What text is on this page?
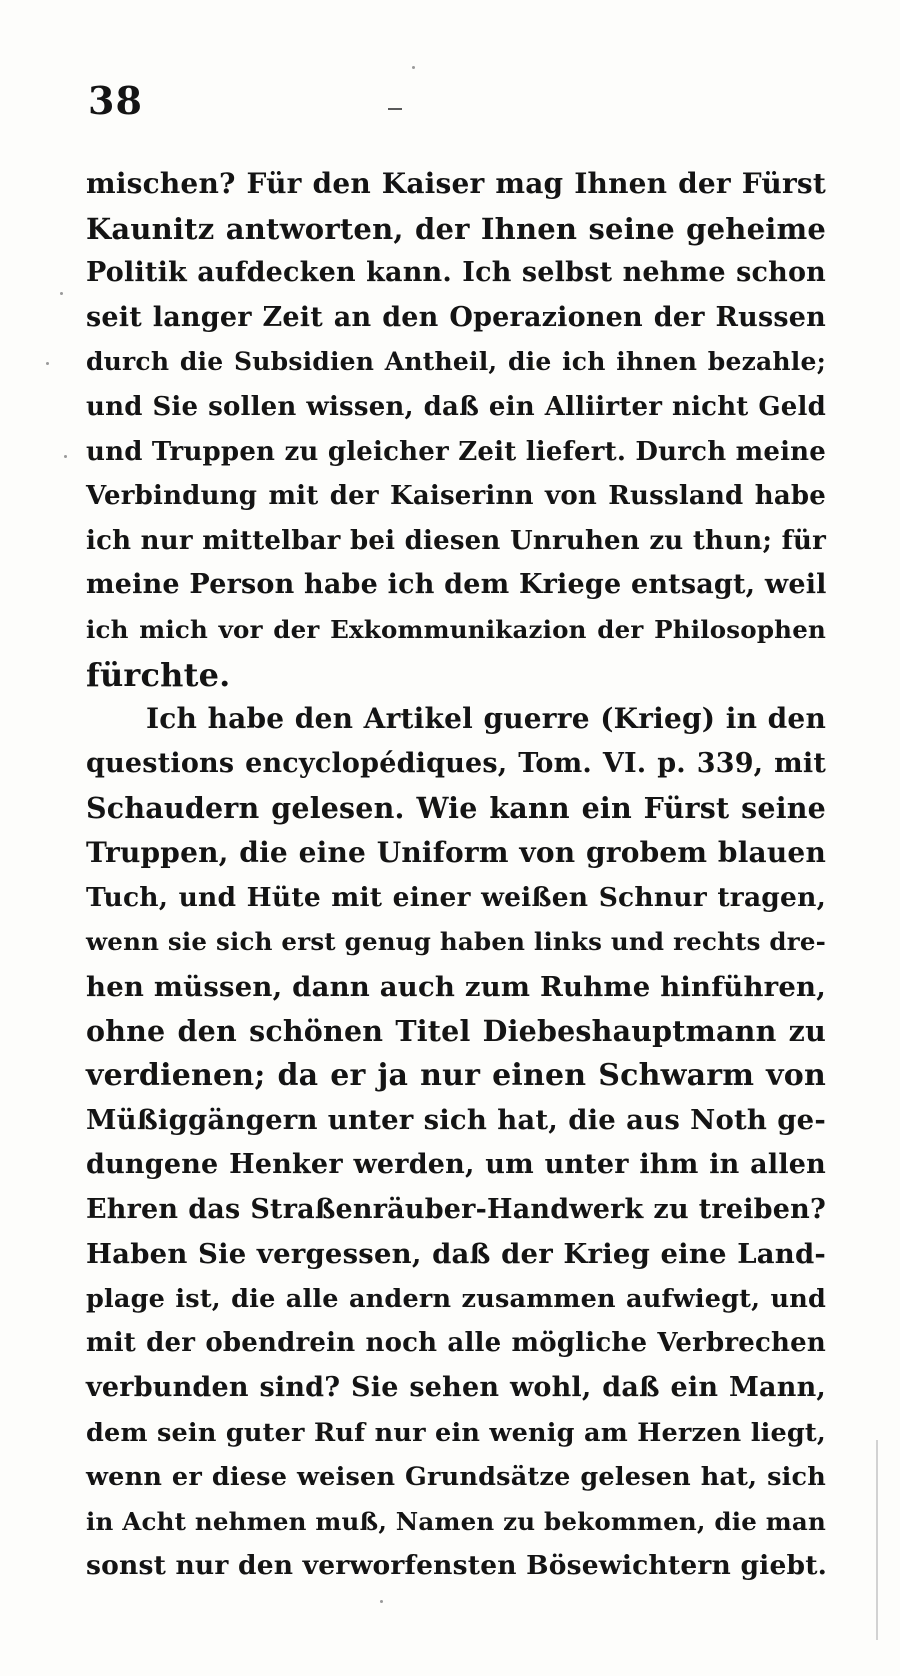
38
mischen? Für den Kaiser mag Ihnen der Fürst
Kaunitz antworten, der Ihnen seine geheime
Politik aufdecken kann. Ich selbst nehme schon
seit langer Zeit an den Operazionen der Russen
durch die Subsidien Antheil, die ich ihnen bezahle;
und Sie sollen wissen, daß ein Alliirter nicht Geld
und Truppen zu gleicher Zeit liefert. Durch meine
Verbindung mit der Kaiserinn von Russland habe
ich nur mittelbar bei diesen Unruhen zu thun; für
meine Person habe ich dem Kriege entsagt, weil
ich mich vor der Exkommunikazion der Philosophen
fürchte.
Ich habe den Artikel guerre (Krieg) in den
questions encyclopédiques, Tom. VI. p. 339, mit
Schaudern gelesen. Wie kann ein Fürst seine
Truppen, die eine Uniform von grobem blauen
Tuch, und Hüte mit einer weißen Schnur tragen,
wenn sie sich erst genug haben links und rechts dre-
hen müssen, dann auch zum Ruhme hinführen,
ohne den schönen Titel Diebeshauptmann zu
verdienen; da er ja nur einen Schwarm von
Müßiggängern unter sich hat, die aus Noth ge-
dungene Henker werden, um unter ihm in allen
Ehren das Straßenräuber-Handwerk zu treiben?
Haben Sie vergessen, daß der Krieg eine Land-
plage ist, die alle andern zusammen aufwiegt, und
mit der obendrein noch alle mögliche Verbrechen
verbunden sind? Sie sehen wohl, daß ein Mann,
dem sein guter Ruf nur ein wenig am Herzen liegt,
wenn er diese weisen Grundsätze gelesen hat, sich
in Acht nehmen muß, Namen zu bekommen, die man
sonst nur den verworfensten Bösewichtern giebt.
